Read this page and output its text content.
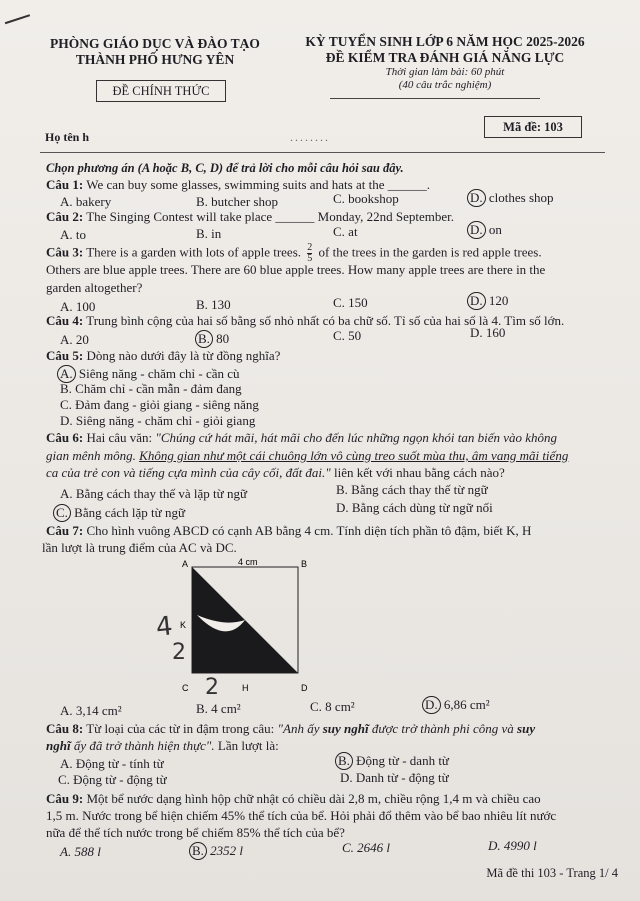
PHÒNG GIÁO DỤC VÀ ĐÀO TẠO
THÀNH PHỐ HƯNG YÊN
ĐỀ CHÍNH THỨC
KỲ TUYỂN SINH LỚP 6 NĂM HỌC 2025-2026
ĐỀ KIỂM TRA ĐÁNH GIÁ NĂNG LỰC
Thời gian làm bài: 60 phút
(40 câu trắc nghiệm)
Họ tên h	........
Mã đề: 103
Chọn phương án (A hoặc B, C, D) để trả lời cho mỗi câu hỏi sau đây.
Câu 1: We can buy some glasses, swimming suits and hats at the ______.
A. bakery	B. butcher shop	C. bookshop	D. clothes shop
Câu 2: The Singing Contest will take place ______ Monday, 22nd September.
A. to	B. in	C. at	D. on
Câu 3: There is a garden with lots of apple trees. $\frac{2}{5}$ of the trees in the garden is red apple trees.
Others are blue apple trees. There are 60 blue apple trees. How many apple trees are there in the
garden altogether?
A. 100	B. 130	C. 150	D. 120
Câu 4: Trung bình cộng của hai số bằng số nhỏ nhất có ba chữ số. Tỉ số của hai số là 4. Tìm số lớn.
A. 20	B. 80	C. 50	D. 160
Câu 5: Dòng nào dưới đây là từ đồng nghĩa?
A. Siêng năng - chăm chỉ - cần cù
B. Chăm chỉ - cần mẫn - đảm đang
C. Đảm đang - giỏi giang - siêng năng
D. Siêng năng - chăm chỉ - giỏi giang
Câu 6: Hai câu văn: "Chúng cứ hát mãi, hát mãi cho đến lúc những ngọn khói tan biến vào không
gian mênh mông. Không gian như một cái chuông lớn vô cùng treo suốt mùa thu, âm vang mãi tiếng
ca của trẻ con và tiếng cựa mình của cây cối, đất đai." liên kết với nhau bằng cách nào?
A. Bằng cách thay thế và lặp từ ngữ	B. Bằng cách thay thế từ ngữ
C. Bằng cách lặp từ ngữ	D. Bằng cách dùng từ ngữ nối
Câu 7: Cho hình vuông ABCD có cạnh AB bằng 4 cm. Tính diện tích phần tô đậm, biết K, H
lần lượt là trung điểm của AC và DC.
A	B
C	D
K
H
4 cm
4
2
2
A. 3,14 cm²	B. 4 cm²	C. 8 cm²	D. 6,86 cm²
Câu 8: Từ loại của các từ in đậm trong câu: "Anh ấy suy nghĩ được trở thành phi công và suy
nghĩ ấy đã trở thành hiện thực". Lần lượt là:
A. Động từ - tính từ	B. Động từ - danh từ
C. Động từ - động từ	D. Danh từ - động từ
Câu 9: Một bể nước dạng hình hộp chữ nhật có chiều dài 2,8 m, chiều rộng 1,4 m và chiều cao
1,5 m. Nước trong bể hiện chiếm 45% thể tích của bể. Hỏi phải đổ thêm vào bể bao nhiêu lít nước
nữa để thể tích nước trong bể chiếm 85% thể tích của bể?
A. 588 l	B. 2352 l	C. 2646 l	D. 4990 l
Mã đề thi 103 - Trang 1/ 4
